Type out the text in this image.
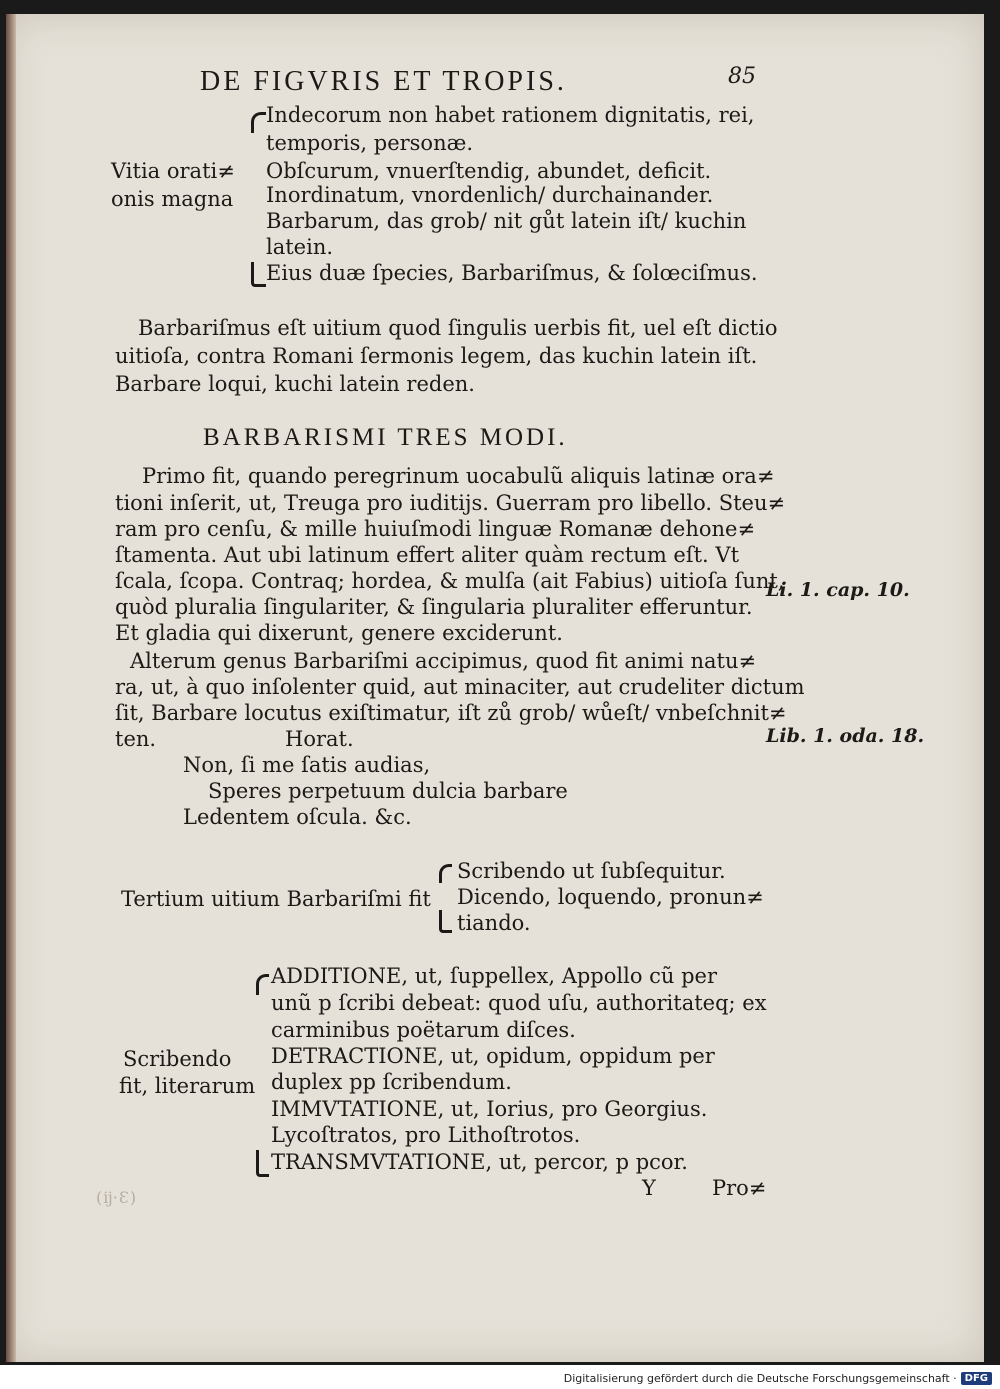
DE FIGVRIS ET TROPIS.	85
Vitia orati≠
onis magna
Indecorum non habet rationem dignitatis, rei,
temporis, personæ.
Obſcurum, vnuerſtendig, abundet, deficit.
Inordinatum, vnordenlich/ durchainander.
Barbarum, das grob/ nit gůt latein iſt/ kuchin
latein.
Eius duæ ſpecies, Barbariſmus, & ſolœciſmus.
Barbariſmus eſt uitium quod ſingulis uerbis fit, uel eſt dictio
uitioſa, contra Romani ſermonis legem, das kuchin latein iſt.
Barbare loqui, kuchi latein reden.
BARBARISMI TRES MODI.
Primo fit, quando peregrinum uocabulũ aliquis latinæ ora≠
tioni inſerit, ut, Treuga pro iuditijs. Guerram pro libello. Steu≠
ram pro cenſu, & mille huiuſmodi linguæ Romanæ dehone≠
ſtamenta. Aut ubi latinum effert aliter quàm rectum eſt. Vt
ſcala, ſcopa. Contraq; hordea, & mulſa (ait Fabius) uitioſa ſunt,
quòd pluralia ſingulariter, & ſingularia pluraliter efferuntur.
Et gladia qui dixerunt, genere exciderunt.
Alterum genus Barbariſmi accipimus, quod fit animi natu≠
ra, ut, à quo inſolenter quid, aut minaciter, aut crudeliter dictum
ſit, Barbare locutus exiſtimatur, iſt zů grob/ wůeſt/ vnbeſchnit≠
ten.	Horat.
Li. 1. cap. 10.
Lib. 1. oda. 18.
Non, ſi me ſatis audias,
Speres perpetuum dulcia barbare
Ledentem oſcula. &c.
Tertium uitium Barbariſmi fit
Scribendo ut ſubſequitur.
Dicendo, loquendo, pronun≠
tiando.
Scribendo
fit, literarum
ADDITIONE, ut, ſuppellex, Appollo cũ per
unũ p ſcribi debeat: quod uſu, authoritateq; ex
carminibus poëtarum diſces.
DETRACTIONE, ut, opidum, oppidum per
duplex pp ſcribendum.
IMMVTATIONE, ut, Iorius, pro Georgius.
Lycoſtratos, pro Lithoſtrotos.
TRANSMVTATIONE, ut, percor, p pcor.
Y	Pro≠
(ĳ·Ɛ)
Digitalisierung gefördert durch die Deutsche Forschungsgemeinschaft · DFG
